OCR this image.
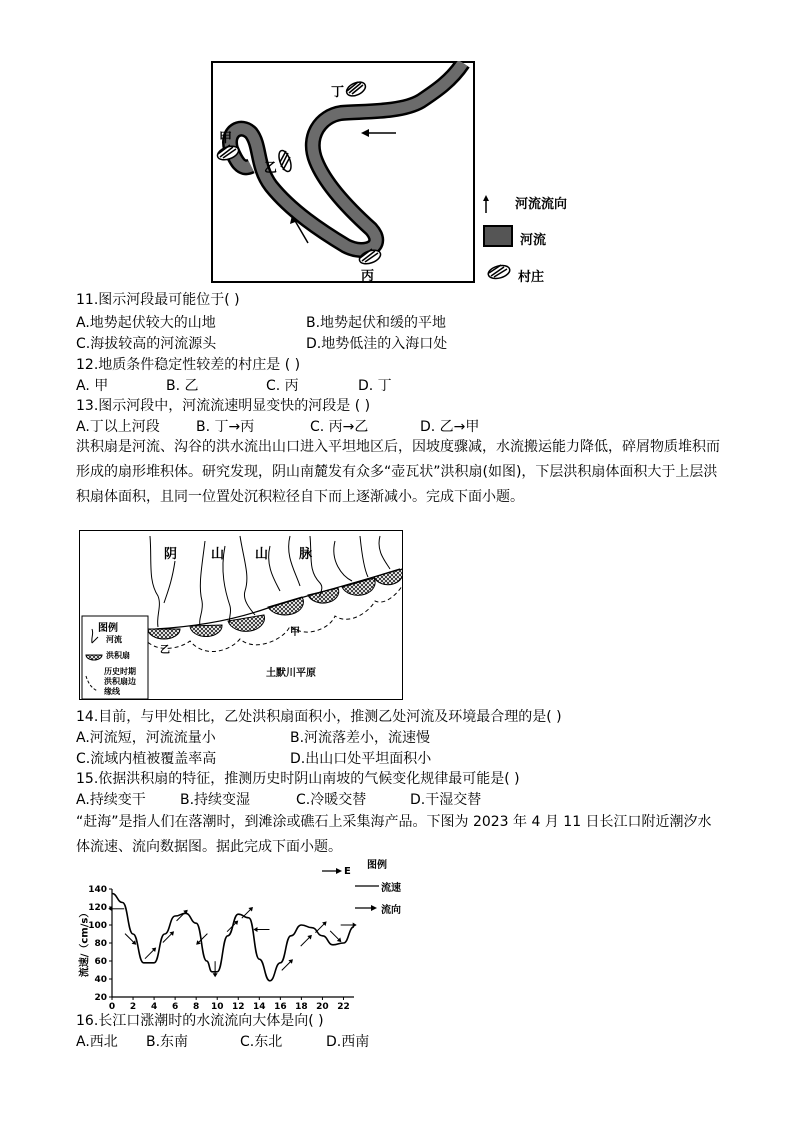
丁
甲
乙
丙
河流流向
河流
村庄
11.图示河段最可能位于( )
A.地势起伏较大的山地	B.地势起伏和缓的平地
C.海拔较高的河流源头	D.地势低洼的入海口处
12.地质条件稳定性较差的村庄是 ( )
A. 甲	B. 乙	C. 丙	D. 丁
13.图示河段中，河流流速明显变快的河段是 ( )
A.丁以上河段	B. 丁→丙	C. 丙→乙	D. 乙→甲
洪积扇是河流、沟谷的洪水流出山口进入平坦地区后，因坡度骤减，水流搬运能力降低，碎屑物质堆积而形成的扇形堆积体。研究发现，阴山南麓发有众多“壶瓦状”洪积扇(如图)，下层洪积扇体面积大于上层洪积扇体面积，且同一位置处沉积粒径自下而上逐渐减小。完成下面小题。
阴	山 山 脉
甲
乙
土默川平原
图例
河流
洪积扇
历史时期
洪积扇边
缘线
14.目前，与甲处相比，乙处洪积扇面积小，推测乙处河流及环境最合理的是( )
A.河流短，河流流量小	B.河流落差小，流速慢
C.流域内植被覆盖率高	D.出山口处平坦面积小
15.依据洪积扇的特征，推测历史时阴山南坡的气候变化规律最可能是( )
A.持续变干 B.持续变湿	C.冷暖交替	D.干湿交替
“赶海”是指人们在落潮时，到滩涂或礁石上采集海产品。下图为 2023 年 4 月 11 日长江口附近潮汐水体流速、流向数据图。据此完成下面小题。
20
40
60
80
100
120
140
0 2 4 6 8 10 12 14 16 18 20 22
流速/（cm/s）
图例
E
流速
流向
16.长江口涨潮时的水流流向大体是向( )
A.西北 B.东南	C.东北	D.西南
